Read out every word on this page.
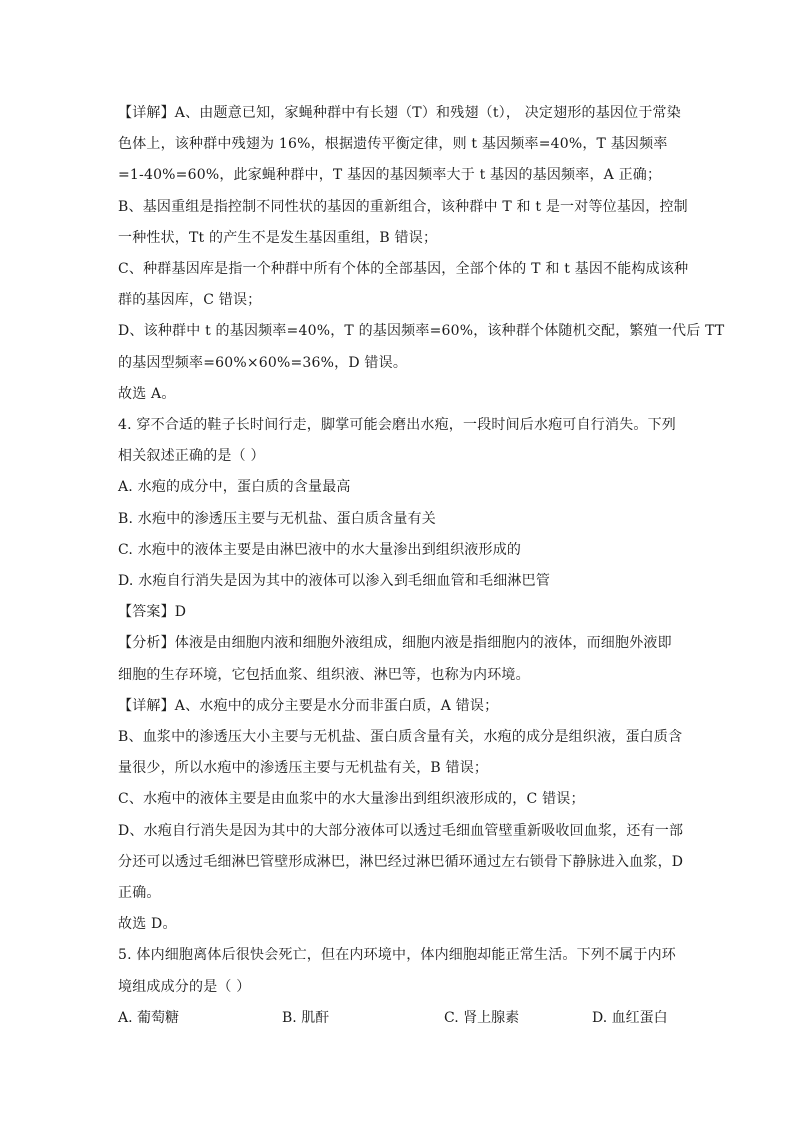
【详解】A、由题意已知，家蝇种群中有长翅（T）和残翅（t）， 决定翅形的基因位于常染
色体上，该种群中残翅为 16%，根据遗传平衡定律，则 t 基因频率=40%，T 基因频率
=1-40%=60%，此家蝇种群中，T 基因的基因频率大于 t 基因的基因频率，A 正确；
B、基因重组是指控制不同性状的基因的重新组合，该种群中 T 和 t 是一对等位基因，控制
一种性状，Tt 的产生不是发生基因重组，B 错误；
C、种群基因库是指一个种群中所有个体的全部基因，全部个体的 T 和 t 基因不能构成该种
群的基因库，C 错误；
D、该种群中 t 的基因频率=40%，T 的基因频率=60%，该种群个体随机交配，繁殖一代后 TT
的基因型频率=60%×60%=36%，D 错误。
故选 A。
4. 穿不合适的鞋子长时间行走，脚掌可能会磨出水疱，一段时间后水疱可自行消失。下列
相关叙述正确的是（ ）
A. 水疱的成分中，蛋白质的含量最高
B. 水疱中的渗透压主要与无机盐、蛋白质含量有关
C. 水疱中的液体主要是由淋巴液中的水大量渗出到组织液形成的
D. 水疱自行消失是因为其中的液体可以渗入到毛细血管和毛细淋巴管
【答案】D
【分析】体液是由细胞内液和细胞外液组成，细胞内液是指细胞内的液体，而细胞外液即
细胞的生存环境，它包括血浆、组织液、淋巴等，也称为内环境。
【详解】A、水疱中的成分主要是水分而非蛋白质，A 错误；
B、血浆中的渗透压大小主要与无机盐、蛋白质含量有关，水疱的成分是组织液，蛋白质含
量很少，所以水疱中的渗透压主要与无机盐有关，B 错误；
C、水疱中的液体主要是由血浆中的水大量渗出到组织液形成的，C 错误；
D、水疱自行消失是因为其中的大部分液体可以透过毛细血管壁重新吸收回血浆，还有一部
分还可以透过毛细淋巴管壁形成淋巴，淋巴经过淋巴循环通过左右锁骨下静脉进入血浆，D
正确。
故选 D。
5. 体内细胞离体后很快会死亡，但在内环境中，体内细胞却能正常生活。下列不属于内环
境组成成分的是（ ）
A. 葡萄糖	B. 肌酐	C. 肾上腺素	D. 血红蛋白
